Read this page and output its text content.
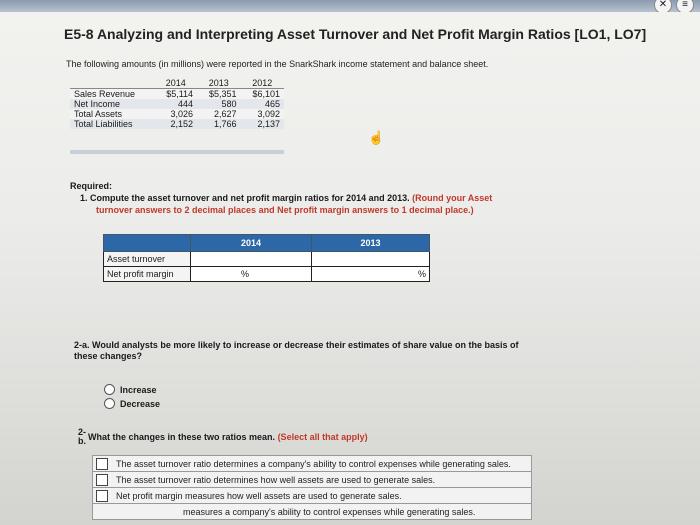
✕	≡
E5-8 Analyzing and Interpreting Asset Turnover and Net Profit Margin Ratios [LO1, LO7]
The following amounts (in millions) were reported in the SnarkShark income statement and balance sheet.
	2014	2013	2012
Sales Revenue	$5,114	$5,351	$6,101
Net Income	444	580	465
Total Assets	3,026	2,627	3,092
Total Liabilities	2,152	1,766	2,137
☝
Required:
1. Compute the asset turnover and net profit margin ratios for 2014 and 2013. (Round your Asset
turnover answers to 2 decimal places and Net profit margin answers to 1 decimal place.)
	2014	2013
Asset turnover		
Net profit margin	%	%
2-a. Would analysts be more likely to increase or decrease their estimates of share value on the basis of these changes?
Increase
Decrease
2-
b. What the changes in these two ratios mean. (Select all that apply)
The asset turnover ratio determines a company's ability to control expenses while generating sales.
The asset turnover ratio determines how well assets are used to generate sales.
Net profit margin measures how well assets are used to generate sales.
measures a company's ability to control expenses while generating sales.
